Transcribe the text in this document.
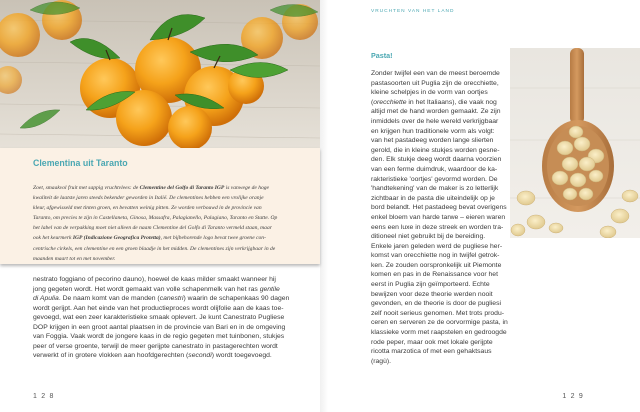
Clementina uit Taranto
Zoet, smaakvol fruit met sappig vruchtvlees: de Clementine del Golfo di Taranto IGP is vanwege de hoge
kwaliteit de laatste jaren steeds bekender geworden in Italië. De clementines hebben een vrolijke oranje
kleur, afgewisseld met tinten groen, en bevatten weinig pitten. Ze worden verbouwd in de provincie van
Taranto, om precies te zijn in Castellaneta, Ginosa, Massafra, Palagianello, Palagiano, Taranto en Statte. Op
het label van de verpakking moet niet alleen de naam Clementine del Golfo di Taranto vermeld staan, maar
ook het keurmerk IGP (Indicazione Geografica Protetta), met bijbehorende logo bevat twee groene con-
centrische cirkels, een clementine en een groen blaadje in het midden. De clementines zijn verkrijgbaar in de
maanden maart tot en met november.
nestrato foggiano of pecorino dauno), hoewel de kaas milder smaakt wanneer hij
jong gegeten wordt. Het wordt gemaakt van volle schapenmelk van het ras gentile
di Apulia. De naam komt van de manden (canestri) waarin de schapenkaas 90 dagen
wordt gerijpt. Aan het einde van het productieproces wordt olijfolie aan de kaas toe-
gevoegd, wat een zeer karakteristieke smaak oplevert. Je kunt Canestrato Pugliese
DOP krijgen in een groot aantal plaatsen in de provincie van Bari en in de omgeving
van Foggia. Vaak wordt de jongere kaas in de regio gegeten met tuinbonen, stukjes
peer of verse groente, terwijl de meer gerijpte canestrato in pastagerechten wordt
verwerkt of in grotere vlokken aan hoofdgerechten (secondi) wordt toegevoegd.
1 2 8
VRUCHTEN VAN HET LAND
Pasta!
Zonder twijfel een van de meest beroemde
pastasoorten uit Puglia zijn de orecchiette,
kleine schelpjes in de vorm van oortjes
(orecchiette in het Italiaans), die vaak nog
altijd met de hand worden gemaakt. Ze zijn
inmiddels over de hele wereld verkrijgbaar
en krijgen hun traditionele vorm als volgt:
van het pastadeeg worden lange slierten
gerold, die in kleine stukjes worden gesne-
den. Elk stukje deeg wordt daarna voorzien
van een ferme duimdruk, waardoor de ka-
rakteristieke 'oortjes' gevormd worden. De
'handtekening' van de maker is zo letterlijk
zichtbaar in de pasta die uiteindelijk op je
bord belandt. Het pastadeeg bevat overigens
enkel bloem van harde tarwe – eieren waren
eens een luxe in deze streek en worden tra-
ditioneel niet gebruikt bij de bereiding.
Enkele jaren geleden werd de pugliese her-
komst van orecchiette nog in twijfel getrok-
ken. Ze zouden oorspronkelijk uit Piemonte
komen en pas in de Renaissance voor het
eerst in Puglia zijn geïmporteerd. Echte
bewijzen voor deze theorie werden nooit
gevonden, en de theorie is door de pugliesi
zelf nooit serieus genomen. Met trots produ-
ceren en serveren ze de oorvormige pasta, in
klassieke vorm met raapstelen en gedroogde
rode peper, maar ook met lokale gerijpte
ricotta marzotica of met een gehaktsaus
(ragù).
1 2 9
